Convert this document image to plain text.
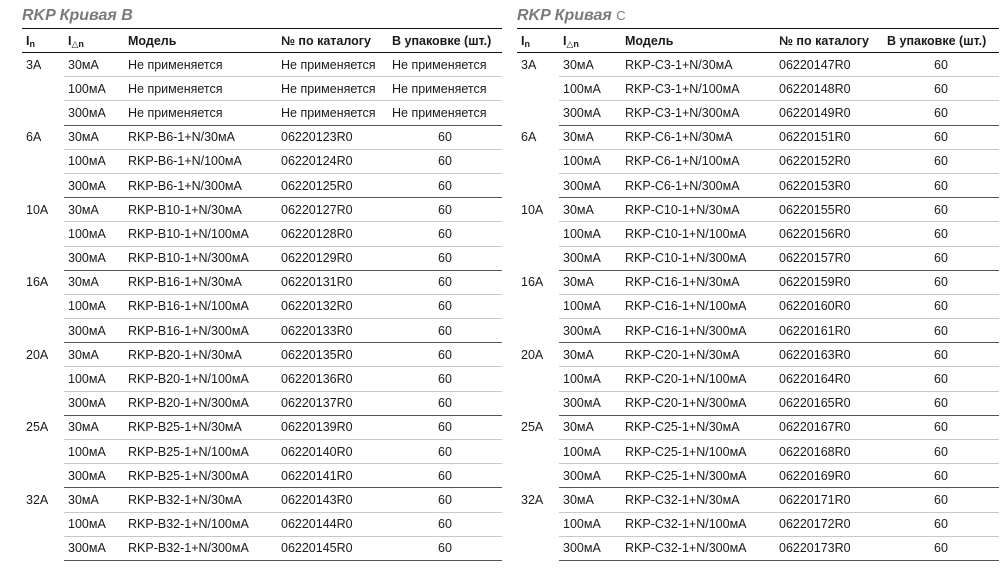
RKP Кривая B
$I_n$	$I_{\triangle n}$	Модель	№ по каталогу	В упаковке (шт.)
3A	30мА	Не применяется	Не применяется	Не применяется
	100мА	Не применяется	Не применяется	Не применяется
	300мА	Не применяется	Не применяется	Не применяется
6A	30мА	RKP-B6-1+N/30мА	06220123R0	60
	100мА	RKP-B6-1+N/100мА	06220124R0	60
	300мА	RKP-B6-1+N/300мА	06220125R0	60
10A	30мА	RKP-B10-1+N/30мА	06220127R0	60
	100мА	RKP-B10-1+N/100мА	06220128R0	60
	300мА	RKP-B10-1+N/300мА	06220129R0	60
16A	30мА	RKP-B16-1+N/30мА	06220131R0	60
	100мА	RKP-B16-1+N/100мА	06220132R0	60
	300мА	RKP-B16-1+N/300мА	06220133R0	60
20A	30мА	RKP-B20-1+N/30мА	06220135R0	60
	100мА	RKP-B20-1+N/100мА	06220136R0	60
	300мА	RKP-B20-1+N/300мА	06220137R0	60
25A	30мА	RKP-B25-1+N/30мА	06220139R0	60
	100мА	RKP-B25-1+N/100мА	06220140R0	60
	300мА	RKP-B25-1+N/300мА	06220141R0	60
32A	30мА	RKP-B32-1+N/30мА	06220143R0	60
	100мА	RKP-B32-1+N/100мА	06220144R0	60
	300мА	RKP-B32-1+N/300мА	06220145R0	60
RKP Кривая C
$I_n$	$I_{\triangle n}$	Модель	№ по каталогу	В упаковке (шт.)
3A	30мА	RKP-C3-1+N/30мА	06220147R0	60
	100мА	RKP-C3-1+N/100мА	06220148R0	60
	300мА	RKP-C3-1+N/300мА	06220149R0	60
6A	30мА	RKP-C6-1+N/30мА	06220151R0	60
	100мА	RKP-C6-1+N/100мА	06220152R0	60
	300мА	RKP-C6-1+N/300мА	06220153R0	60
10A	30мА	RKP-C10-1+N/30мА	06220155R0	60
	100мА	RKP-C10-1+N/100мА	06220156R0	60
	300мА	RKP-C10-1+N/300мА	06220157R0	60
16A	30мА	RKP-C16-1+N/30мА	06220159R0	60
	100мА	RKP-C16-1+N/100мА	06220160R0	60
	300мА	RKP-C16-1+N/300мА	06220161R0	60
20A	30мА	RKP-C20-1+N/30мА	06220163R0	60
	100мА	RKP-C20-1+N/100мА	06220164R0	60
	300мА	RKP-C20-1+N/300мА	06220165R0	60
25A	30мА	RKP-C25-1+N/30мА	06220167R0	60
	100мА	RKP-C25-1+N/100мА	06220168R0	60
	300мА	RKP-C25-1+N/300мА	06220169R0	60
32A	30мА	RKP-C32-1+N/30мА	06220171R0	60
	100мА	RKP-C32-1+N/100мА	06220172R0	60
	300мА	RKP-C32-1+N/300мА	06220173R0	60
